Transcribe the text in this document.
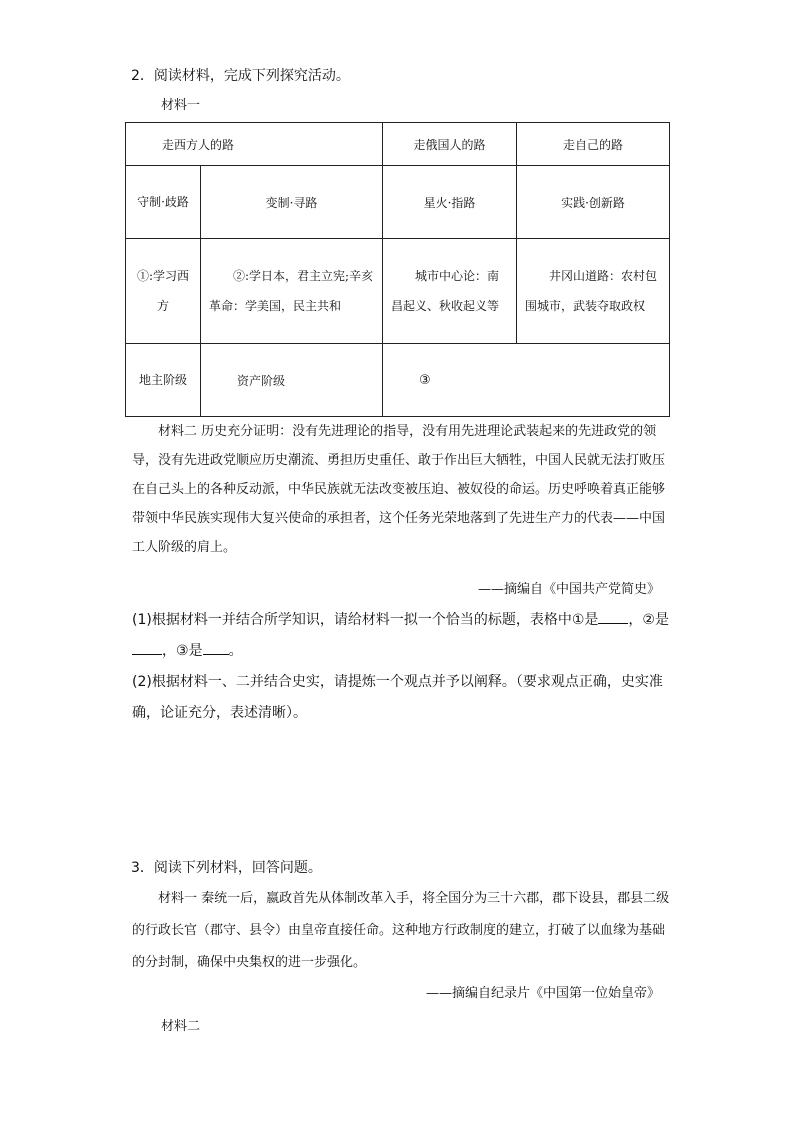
2．阅读材料，完成下列探究活动。

材料一

走西方人的路		走俄国人的路	走自己的路
守制·歧路	变制·寻路	星火·指路	实践·创新路
①:学习西方	②:学日本，君主立宪;辛亥革命：学美国，民主共和	城市中心论：南昌起义、秋收起义等	井冈山道路：农村包围城市，武装夺取政权
地主阶级	资产阶级	③	

材料二 历史充分证明：没有先进理论的指导，没有用先进理论武装起来的先进政党的领导，没有先进政党顺应历史潮流、勇担历史重任、敢于作出巨大牺牲，中国人民就无法打败压在自己头上的各种反动派，中华民族就无法改变被压迫、被奴役的命运。历史呼唤着真正能够带领中华民族实现伟大复兴使命的承担者，这个任务光荣地落到了先进生产力的代表——中国工人阶级的肩上。

——摘编自《中国共产党简史》

(1)根据材料一并结合所学知识，请给材料一拟一个恰当的标题，表格中①是 ，②是，③是 。

(2)根据材料一、二并结合史实，请提炼一个观点并予以阐释。（要求观点正确，史实准确，论证充分，表述清晰）。

3．阅读下列材料，回答问题。

材料一 秦统一后，嬴政首先从体制改革入手，将全国分为三十六郡，郡下设县，郡县二级的行政长官（郡守、县令）由皇帝直接任命。这种地方行政制度的建立，打破了以血缘为基础的分封制，确保中央集权的进一步强化。

——摘编自纪录片《中国第一位始皇帝》

材料二
